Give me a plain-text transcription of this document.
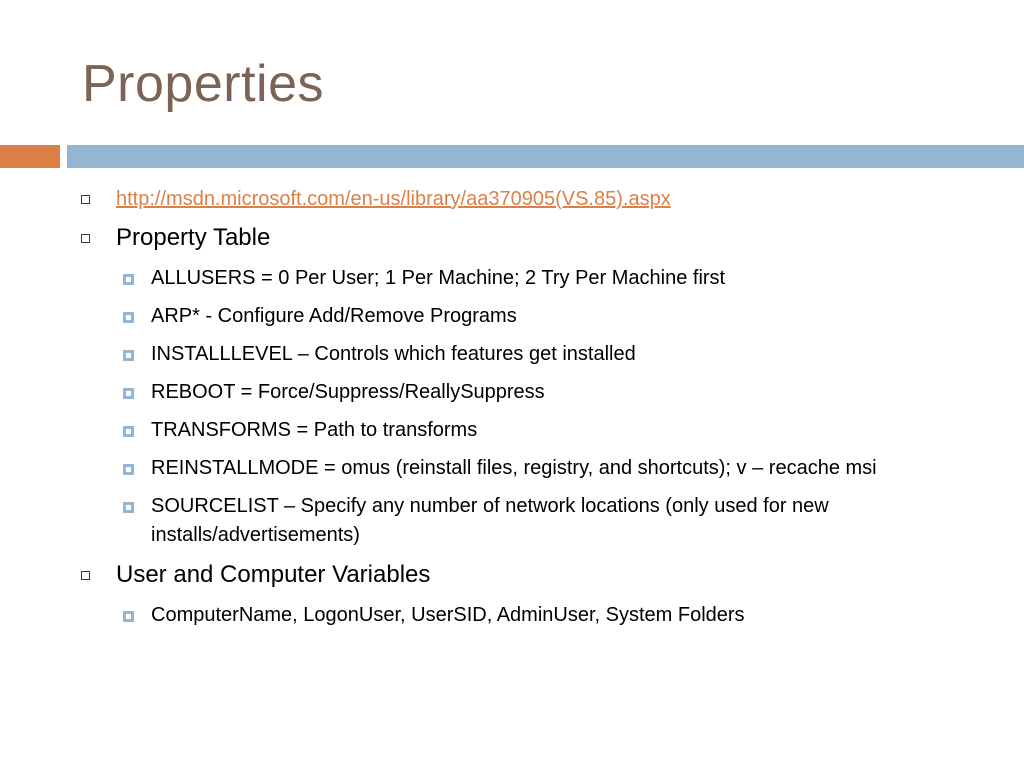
Properties
http://msdn.microsoft.com/en-us/library/aa370905(VS.85).aspx
Property Table
ALLUSERS = 0 Per User; 1 Per Machine; 2 Try Per Machine first
ARP* - Configure Add/Remove Programs
INSTALLLEVEL – Controls which features get installed
REBOOT = Force/Suppress/ReallySuppress
TRANSFORMS = Path to transforms
REINSTALLMODE = omus (reinstall files, registry, and shortcuts); v – recache msi
SOURCELIST – Specify any number of network locations (only used for new installs/advertisements)
User and Computer Variables
ComputerName, LogonUser, UserSID, AdminUser, System Folders
